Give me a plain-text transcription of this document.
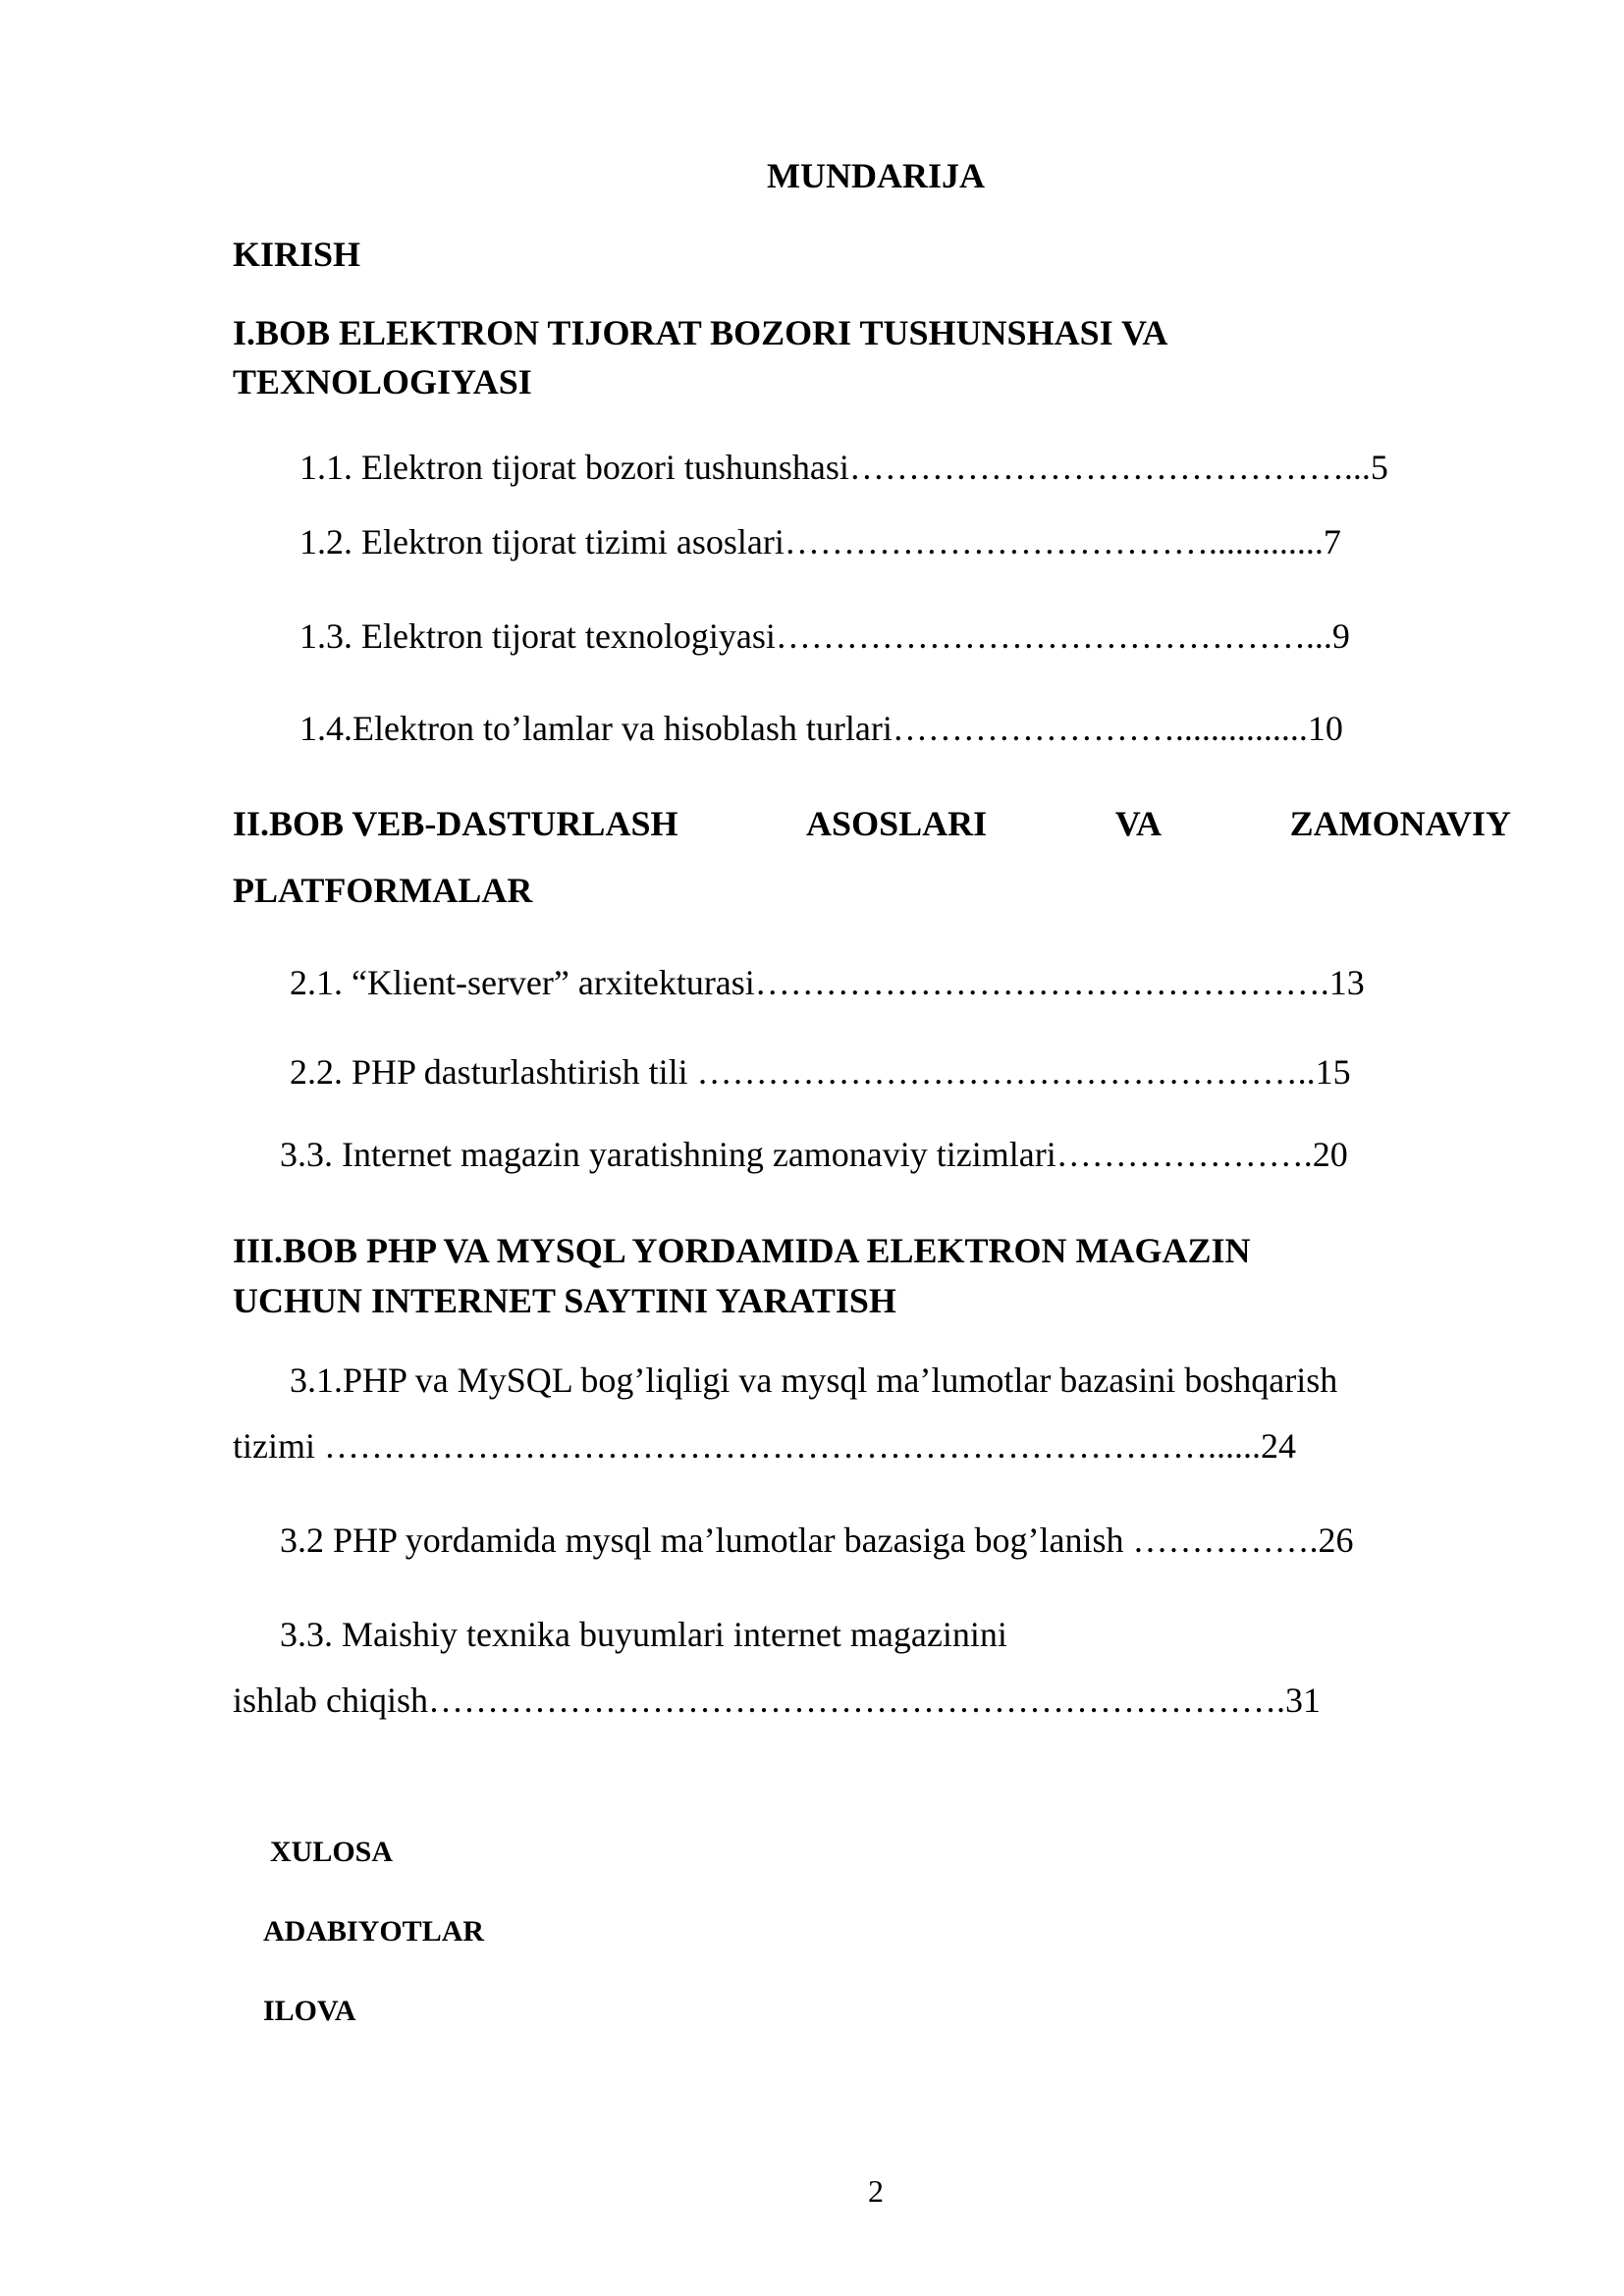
MUNDARIJA
KIRISH
I.BOB ELEKTRON TIJORAT BOZORI TUSHUNSHASI VA
TEXNOLOGIYASI
1.1. Elektron tijorat bozori tushunshasi……………………………………...5
1.2. Elektron tijorat tizimi asoslari……………………………….............7
1.3. Elektron tijorat texnologiyasi………………………………………...9
1.4.Elektron to’lamlar va hisoblash turlari……………………...............10
II.BOB VEB-DASTURLASH	ASOSLARI	VA	ZAMONAVIY
PLATFORMALAR
2.1. “Klient-server” arxitekturasi………………………………………….13
2.2. PHP dasturlashtirish tili ……………………………………………..15
3.3. Internet magazin yaratishning zamonaviy tizimlari………………….20
III.BOB PHP VA MYSQL YORDAMIDA ELEKTRON MAGAZIN
UCHUN INTERNET SAYTINI YARATISH
3.1.PHP va MySQL bog’liqligi va mysql ma’lumotlar bazasini boshqarish
tizimi …………………………………………………………………......24
3.2 PHP yordamida mysql ma’lumotlar bazasiga bog’lanish …………….26
3.3. Maishiy texnika buyumlari internet magazinini
ishlab chiqish……………………………………………………………….31
XULOSA
ADABIYOTLAR
ILOVA
2
